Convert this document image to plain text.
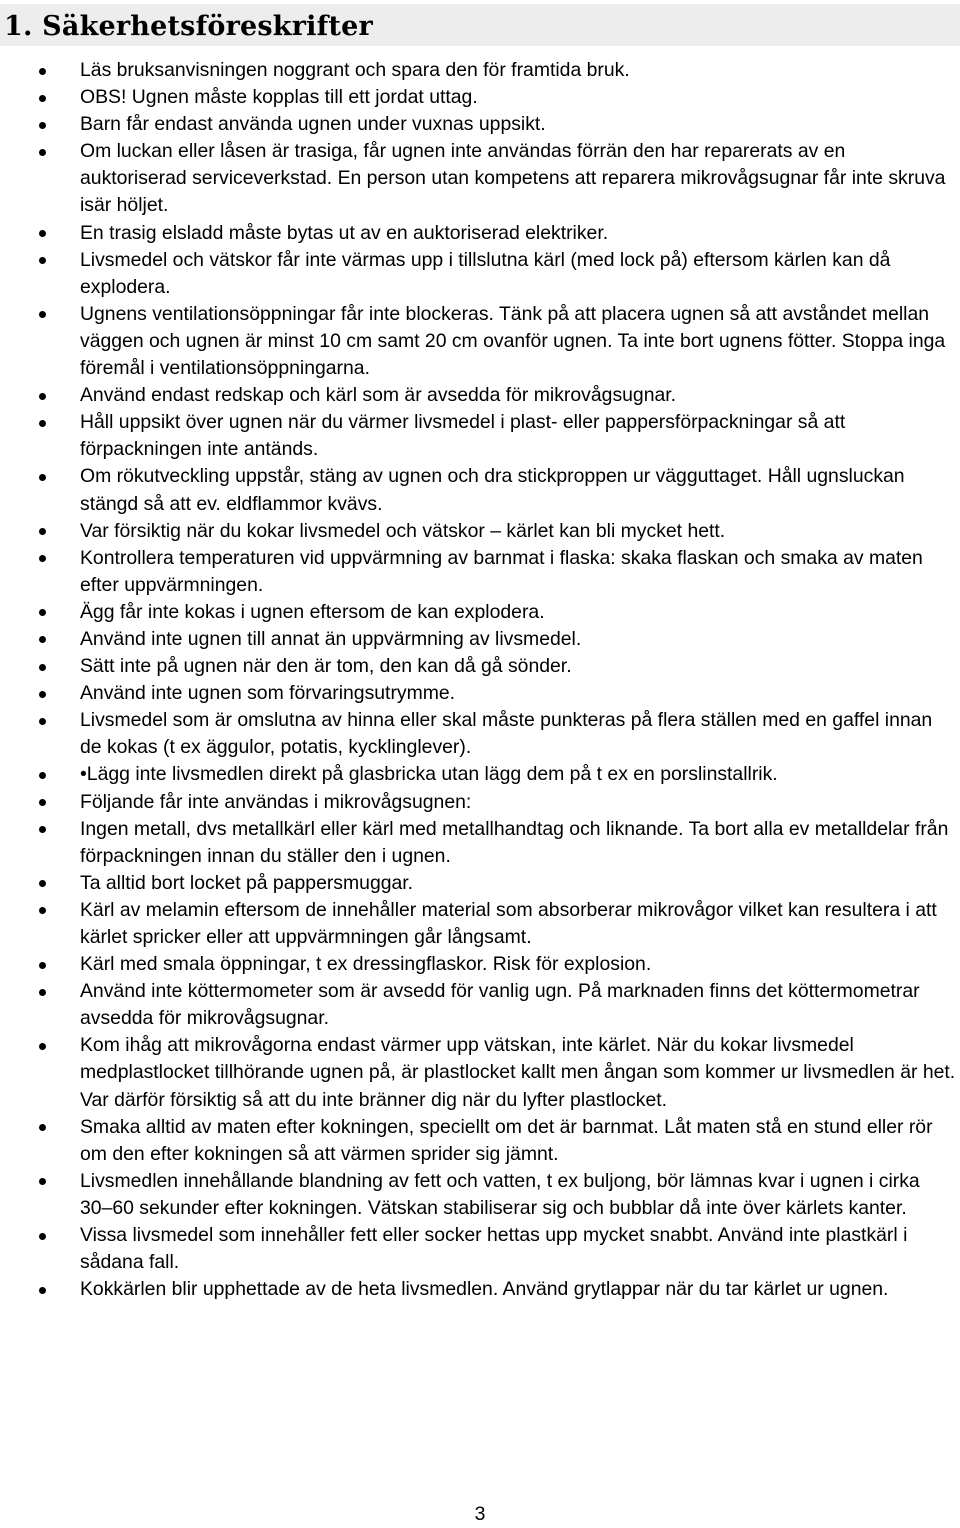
1. Säkerhetsföreskrifter
Läs bruksanvisningen noggrant och spara den för framtida bruk.
OBS! Ugnen måste kopplas till ett jordat uttag.
Barn får endast använda ugnen under vuxnas uppsikt.
Om luckan eller låsen är trasiga, får ugnen inte användas förrän den har reparerats av en auktoriserad serviceverkstad. En person utan kompetens att reparera mikrovågsugnar får inte skruva isär höljet.
En trasig elsladd måste bytas ut av en auktoriserad elektriker.
Livsmedel och vätskor får inte värmas upp i tillslutna kärl (med lock på) eftersom kärlen kan då explodera.
Ugnens ventilationsöppningar får inte blockeras. Tänk på att placera ugnen så att avståndet mellan väggen och ugnen är minst 10 cm samt 20 cm ovanför ugnen. Ta inte bort ugnens fötter. Stoppa inga föremål i ventilationsöppningarna.
Använd endast redskap och kärl som är avsedda för mikrovågsugnar.
Håll uppsikt över ugnen när du värmer livsmedel i plast- eller pappersförpackningar så att förpackningen inte antänds.
Om rökutveckling uppstår, stäng av ugnen och dra stickproppen ur vägguttaget. Håll ugnsluckan stängd så att ev. eldflammor kvävs.
Var försiktig när du kokar livsmedel och vätskor – kärlet kan bli mycket hett.
Kontrollera temperaturen vid uppvärmning av barnmat i flaska: skaka flaskan och smaka av maten efter uppvärmningen.
Ägg får inte kokas i ugnen eftersom de kan explodera.
Använd inte ugnen till annat än uppvärmning av livsmedel.
Sätt inte på ugnen när den är tom, den kan då gå sönder.
Använd inte ugnen som förvaringsutrymme.
Livsmedel som är omslutna av hinna eller skal måste punkteras på flera ställen med en gaffel innan de kokas (t ex äggulor, potatis, kycklinglever).
•Lägg inte livsmedlen direkt på glasbricka utan lägg dem på t ex en porslinstallrik.
Följande får inte användas i mikrovågsugnen:
Ingen metall, dvs metallkärl eller kärl med metallhandtag och liknande. Ta bort alla ev metalldelar från förpackningen innan du ställer den i ugnen.
Ta alltid bort locket på pappersmuggar.
Kärl av melamin eftersom de innehåller material som absorberar mikrovågor vilket kan resultera i att kärlet spricker eller att uppvärmningen går långsamt.
Kärl med smala öppningar, t ex dressingflaskor. Risk för explosion.
Använd inte köttermometer som är avsedd för vanlig ugn. På marknaden finns det köttermometrar avsedda för mikrovågsugnar.
Kom ihåg att mikrovågorna endast värmer upp vätskan, inte kärlet. När du kokar livsmedel medplastlocket tillhörande ugnen på, är plastlocket kallt men ångan som kommer ur livsmedlen är het. Var därför försiktig så att du inte bränner dig när du lyfter plastlocket.
Smaka alltid av maten efter kokningen, speciellt om det är barnmat. Låt maten stå en stund eller rör om den efter kokningen så att värmen sprider sig jämnt.
Livsmedlen innehållande blandning av fett och vatten, t ex buljong, bör lämnas kvar i ugnen i cirka 30–60 sekunder efter kokningen. Vätskan stabiliserar sig och bubblar då inte över kärlets kanter.
Vissa livsmedel som innehåller fett eller socker hettas upp mycket snabbt. Använd inte plastkärl i sådana fall.
Kokkärlen blir upphettade av de heta livsmedlen. Använd grytlappar när du tar kärlet ur ugnen.
3
